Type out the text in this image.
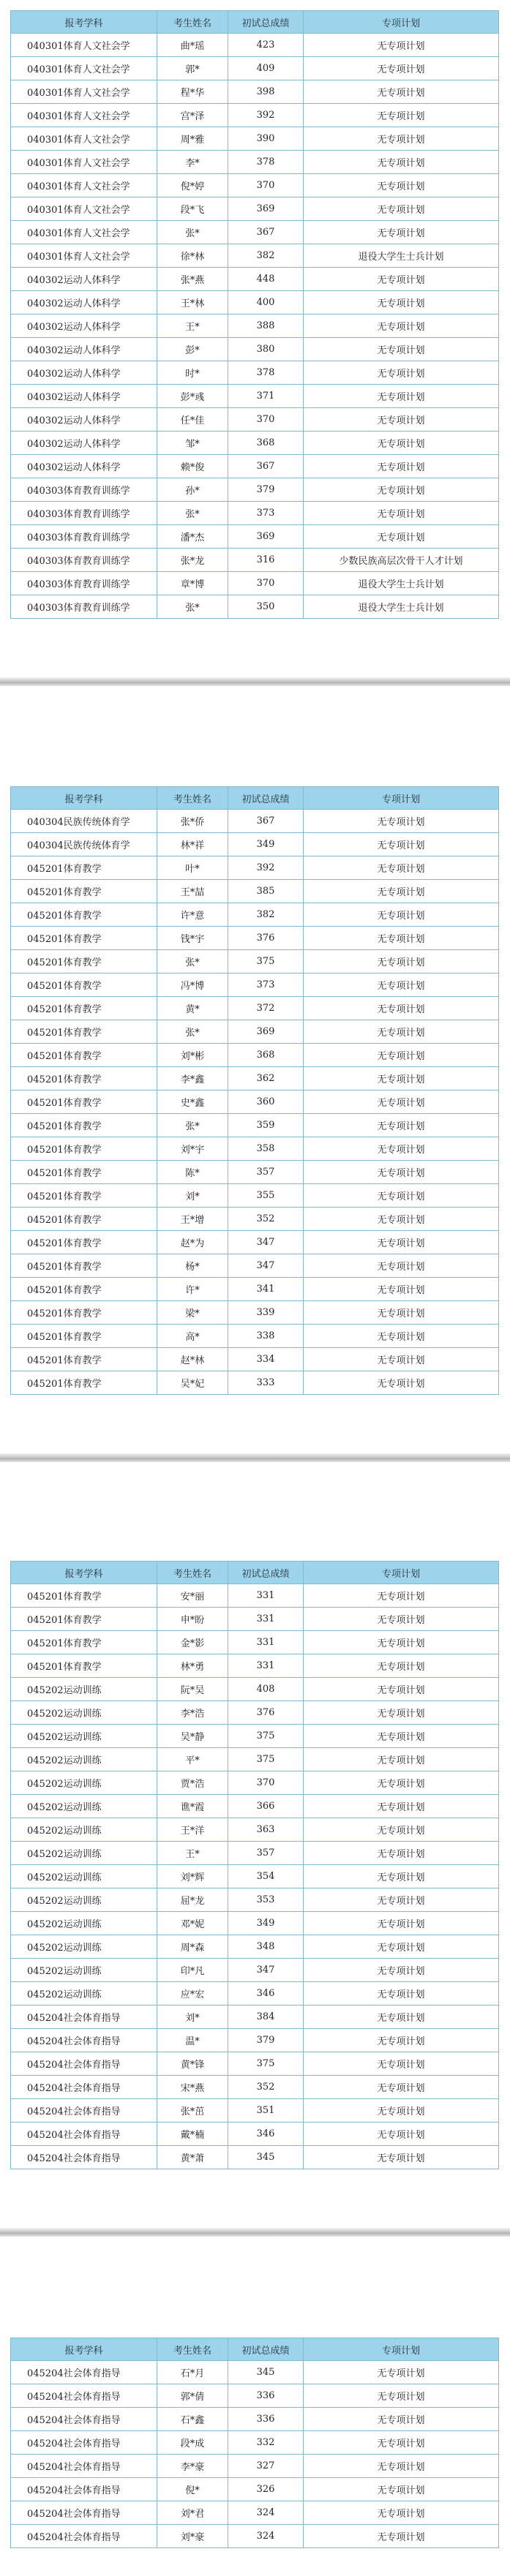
报考学科	考生姓名	初试总成绩	专项计划
040301体育人文社会学	曲*瑶	423	无专项计划
040301体育人文社会学	郭*	409	无专项计划
040301体育人文社会学	程*华	398	无专项计划
040301体育人文社会学	宫*泽	392	无专项计划
040301体育人文社会学	周*雅	390	无专项计划
040301体育人文社会学	李*	378	无专项计划
040301体育人文社会学	倪*婷	370	无专项计划
040301体育人文社会学	段*飞	369	无专项计划
040301体育人文社会学	张*	367	无专项计划
040301体育人文社会学	徐*林	382	退役大学生士兵计划
040302运动人体科学	张*燕	448	无专项计划
040302运动人体科学	王*林	400	无专项计划
040302运动人体科学	王*	388	无专项计划
040302运动人体科学	彭*	380	无专项计划
040302运动人体科学	时*	378	无专项计划
040302运动人体科学	彭*彧	371	无专项计划
040302运动人体科学	任*佳	370	无专项计划
040302运动人体科学	邹*	368	无专项计划
040302运动人体科学	赖*俊	367	无专项计划
040303体育教育训练学	孙*	379	无专项计划
040303体育教育训练学	张*	373	无专项计划
040303体育教育训练学	潘*杰	369	无专项计划
040303体育教育训练学	张*龙	316	少数民族高层次骨干人才计划
040303体育教育训练学	章*博	370	退役大学生士兵计划
040303体育教育训练学	张*	350	退役大学生士兵计划
报考学科	考生姓名	初试总成绩	专项计划
040304民族传统体育学	张*侨	367	无专项计划
040304民族传统体育学	林*祥	349	无专项计划
045201体育教学	叶*	392	无专项计划
045201体育教学	王*喆	385	无专项计划
045201体育教学	许*意	382	无专项计划
045201体育教学	钱*宇	376	无专项计划
045201体育教学	张*	375	无专项计划
045201体育教学	冯*博	373	无专项计划
045201体育教学	黄*	372	无专项计划
045201体育教学	张*	369	无专项计划
045201体育教学	刘*彬	368	无专项计划
045201体育教学	李*鑫	362	无专项计划
045201体育教学	史*鑫	360	无专项计划
045201体育教学	张*	359	无专项计划
045201体育教学	刘*宇	358	无专项计划
045201体育教学	陈*	357	无专项计划
045201体育教学	刘*	355	无专项计划
045201体育教学	王*增	352	无专项计划
045201体育教学	赵*为	347	无专项计划
045201体育教学	杨*	347	无专项计划
045201体育教学	许*	341	无专项计划
045201体育教学	梁*	339	无专项计划
045201体育教学	高*	338	无专项计划
045201体育教学	赵*林	334	无专项计划
045201体育教学	吴*妃	333	无专项计划
报考学科	考生姓名	初试总成绩	专项计划
045201体育教学	安*丽	331	无专项计划
045201体育教学	申*盼	331	无专项计划
045201体育教学	金*影	331	无专项计划
045201体育教学	林*勇	331	无专项计划
045202运动训练	阮*吴	408	无专项计划
045202运动训练	李*浩	376	无专项计划
045202运动训练	吴*静	375	无专项计划
045202运动训练	平*	375	无专项计划
045202运动训练	贾*浩	370	无专项计划
045202运动训练	谯*霞	366	无专项计划
045202运动训练	王*洋	363	无专项计划
045202运动训练	王*	357	无专项计划
045202运动训练	刘*辉	354	无专项计划
045202运动训练	屈*龙	353	无专项计划
045202运动训练	邓*妮	349	无专项计划
045202运动训练	周*森	348	无专项计划
045202运动训练	印*凡	347	无专项计划
045202运动训练	应*宏	346	无专项计划
045204社会体育指导	刘*	384	无专项计划
045204社会体育指导	温*	379	无专项计划
045204社会体育指导	黄*锋	375	无专项计划
045204社会体育指导	宋*燕	352	无专项计划
045204社会体育指导	张*茁	351	无专项计划
045204社会体育指导	戴*楠	346	无专项计划
045204社会体育指导	黄*萧	345	无专项计划
报考学科	考生姓名	初试总成绩	专项计划
045204社会体育指导	石*月	345	无专项计划
045204社会体育指导	郭*倩	336	无专项计划
045204社会体育指导	石*鑫	336	无专项计划
045204社会体育指导	段*成	332	无专项计划
045204社会体育指导	李*豪	327	无专项计划
045204社会体育指导	倪*	326	无专项计划
045204社会体育指导	刘*君	324	无专项计划
045204社会体育指导	刘*豪	324	无专项计划
